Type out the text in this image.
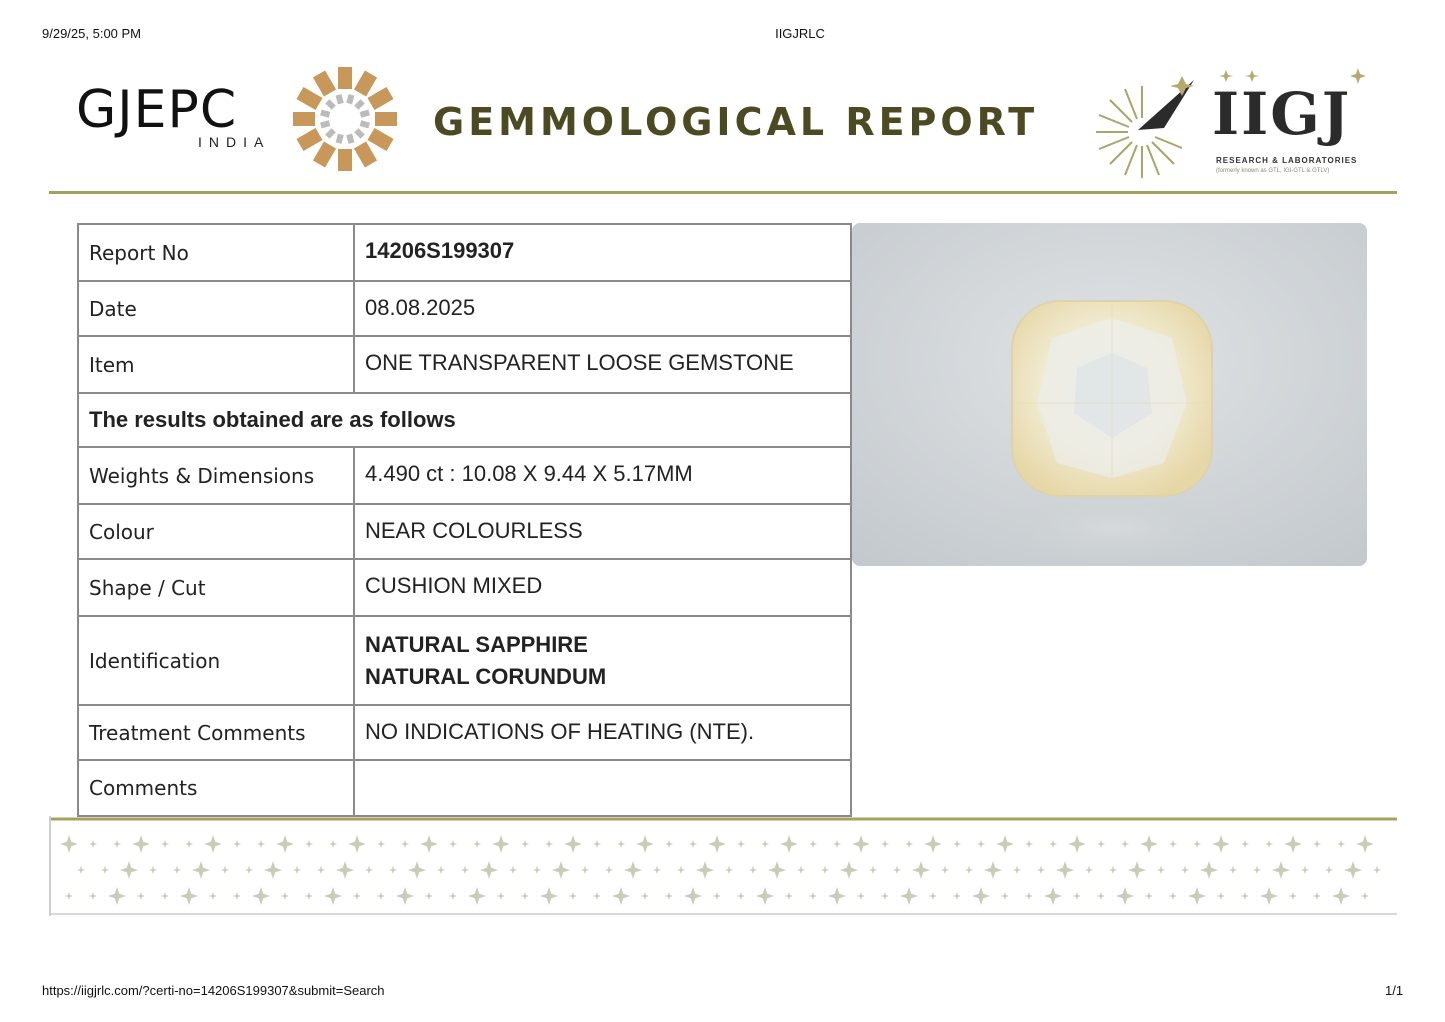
9/29/25, 5:00 PM	IIGJRLC
GJEPC
INDIA	GEMMOLOGICAL REPORT	IIGJ
RESEARCH & LABORATORIES
(formerly known as GTL, IGI-GTL & GTLV)
Report No	14206S199307
Date	08.08.2025
Item	ONE TRANSPARENT LOOSE GEMSTONE
The results obtained are as follows	
Weights & Dimensions	4.490 ct : 10.08 X 9.44 X 5.17MM
Colour	NEAR COLOURLESS
Shape / Cut	CUSHION MIXED
Identification	NATURAL SAPPHIRE
NATURAL CORUNDUM

Treatment Comments	NO INDICATIONS OF HEATING (NTE).
Comments	
https://iigjrlc.com/?certi-no=14206S199307&submit=Search	1/1
